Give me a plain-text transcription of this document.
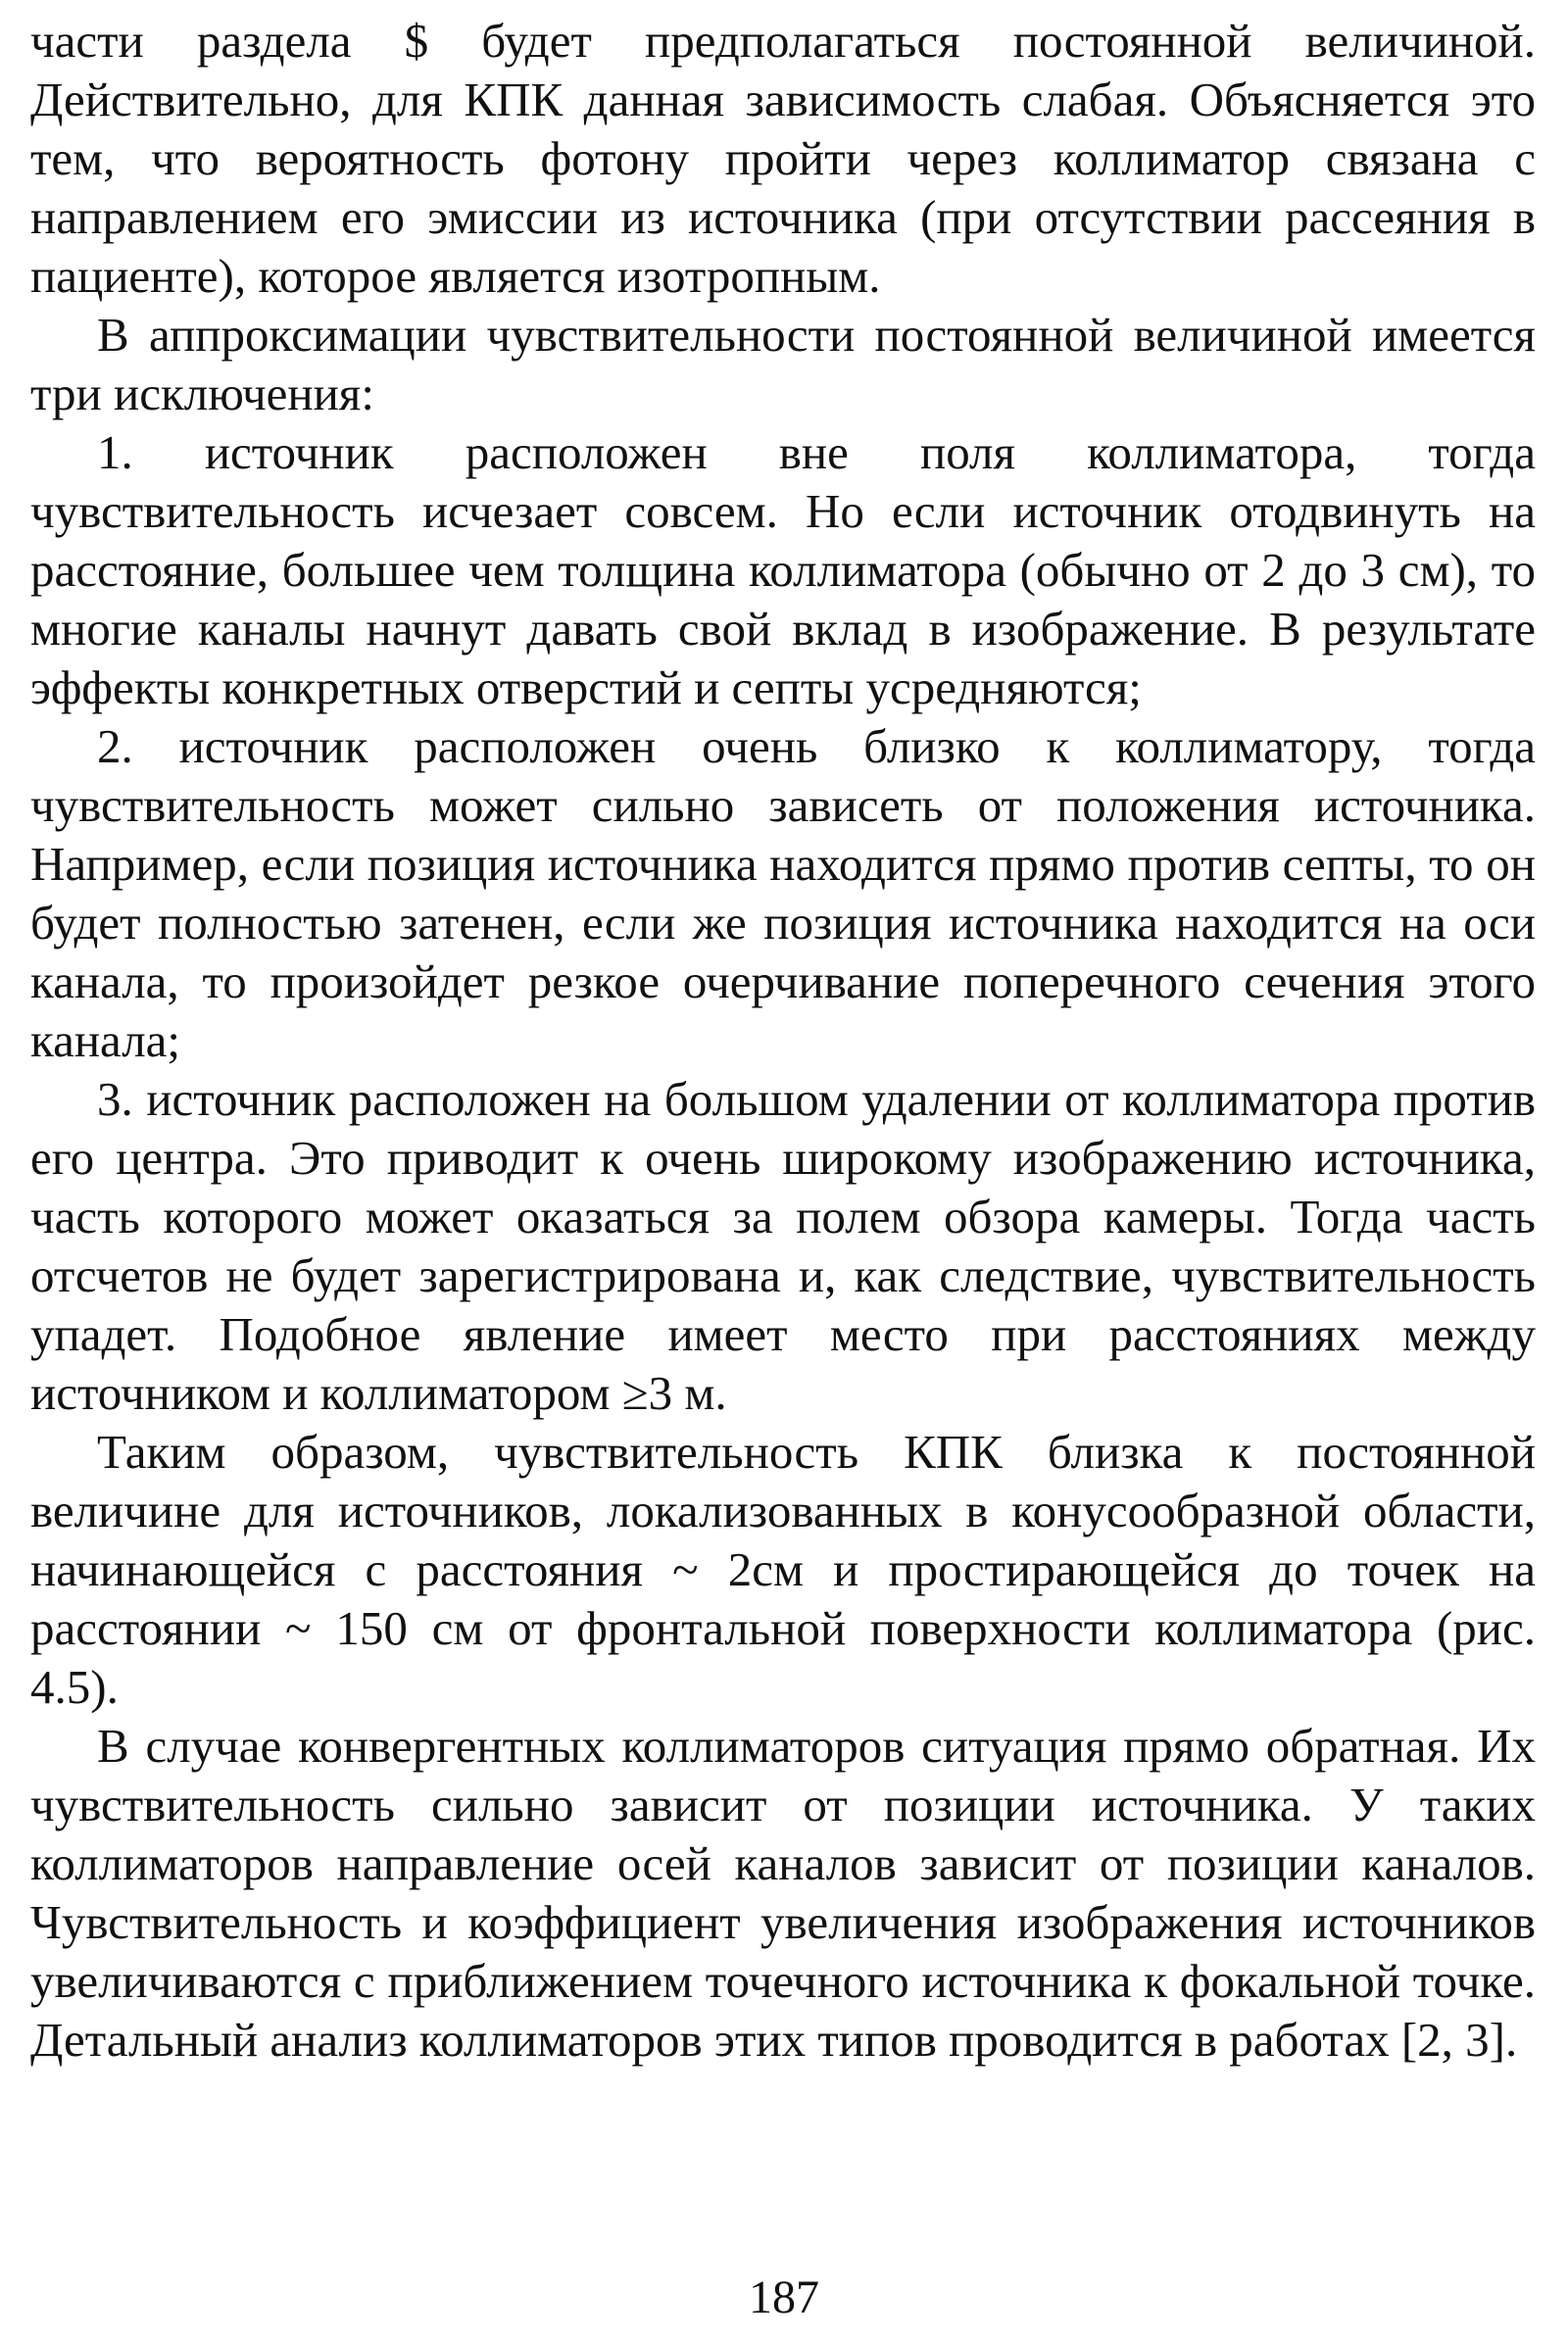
части раздела $ будет предполагаться постоянной величиной. Действительно, для КПК данная зависимость слабая. Объясняется это тем, что вероятность фотону пройти через коллиматор связана с направлением его эмиссии из источника (при отсутствии рассеяния в пациенте), которое является изотропным.

В аппроксимации чувствительности постоянной величиной имеется три исключения:

1. источник расположен вне поля коллиматора, тогда чувствительность исчезает совсем. Но если источник отодвинуть на расстояние, большее чем толщина коллиматора (обычно от 2 до 3 см), то многие каналы начнут давать свой вклад в изображение. В результате эффекты конкретных отверстий и септы усредняются;

2. источник расположен очень близко к коллиматору, тогда чувствительность может сильно зависеть от положения источника. Например, если позиция источника находится прямо против септы, то он будет полностью затенен, если же позиция источника находится на оси канала, то произойдет резкое очерчивание поперечного сечения этого канала;

3. источник расположен на большом удалении от коллиматора против его центра. Это приводит к очень широкому изображению источника, часть которого может оказаться за полем обзора камеры. Тогда часть отсчетов не будет зарегистрирована и, как следствие, чувствительность упадет. Подобное явление имеет место при расстояниях между источником и коллиматором ≥3 м.

Таким образом, чувствительность КПК близка к постоянной величине для источников, локализованных в конусообразной области, начинающейся с расстояния ~ 2см и простирающейся до точек на расстоянии ~ 150 см от фронтальной поверхности коллиматора (рис. 4.5).

В случае конвергентных коллиматоров ситуация прямо обратная. Их чувствительность сильно зависит от позиции источника. У таких коллиматоров направление осей каналов зависит от позиции каналов. Чувствительность и коэффициент увеличения изображения источников увеличиваются с приближением точечного источника к фокальной точке. Детальный анализ коллиматоров этих типов проводится в работах [2, 3].

187
